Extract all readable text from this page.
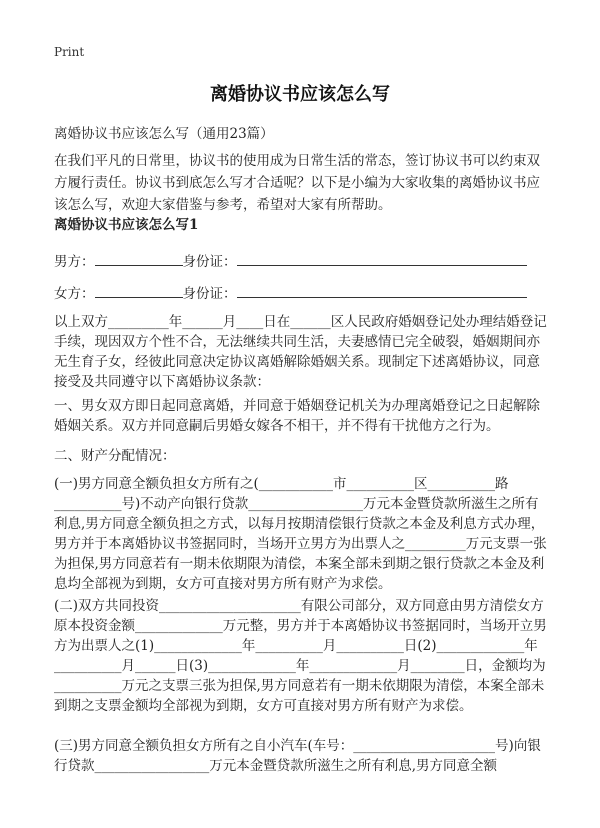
Print
离婚协议书应该怎么写
离婚协议书应该怎么写（通用23篇）
在我们平凡的日常里，协议书的使用成为日常生活的常态，签订协议书可以约束双方履行责任。协议书到底怎么写才合适呢？以下是小编为大家收集的离婚协议书应该怎么写，欢迎大家借鉴与参考，希望对大家有所帮助。
离婚协议书应该怎么写1
男方：	身份证：
女方：	身份证：
以上双方_________年______月____日在______区人民政府婚姻登记处办理结婚登记手续，现因双方个性不合，无法继续共同生活，夫妻感情已完全破裂，婚姻期间亦无生育子女，经彼此同意决定协议离婚解除婚姻关系。现制定下述离婚协议，同意接受及共同遵守以下离婚协议条款：
一、男女双方即日起同意离婚，并同意于婚姻登记机关为办理离婚登记之日起解除婚姻关系。双方并同意嗣后男婚女嫁各不相干，并不得有干扰他方之行为。
二、财产分配情况：
(一)男方同意全额负担女方所有之(___________市__________区__________路__________号)不动产向银行贷款_________________万元本金暨贷款所滋生之所有利息,男方同意全额负担之方式，以每月按期清偿银行贷款之本金及利息方式办理，男方并于本离婚协议书签据同时，当场开立男方为出票人之_________万元支票一张为担保,男方同意若有一期未依期限为清偿，本案全部未到期之银行贷款之本金及利息均全部视为到期，女方可直接对男方所有财产为求偿。
(二)双方共同投资_____________________有限公司部分，双方同意由男方清偿女方原本投资金额_____________万元整，男方并于本离婚协议书签据同时，当场开立男方为出票人之(1)_____________年__________月__________日(2)_____________年__________月______日(3)_____________年_____________月________日，金额均为__________万元之支票三张为担保,男方同意若有一期未依期限为清偿，本案全部未到期之支票金额均全部视为到期，女方可直接对男方所有财产为求偿。
(三)男方同意全额负担女方所有之自小汽车(车号：_____________________号)向银行贷款_________________万元本金暨贷款所滋生之所有利息,男方同意全额
